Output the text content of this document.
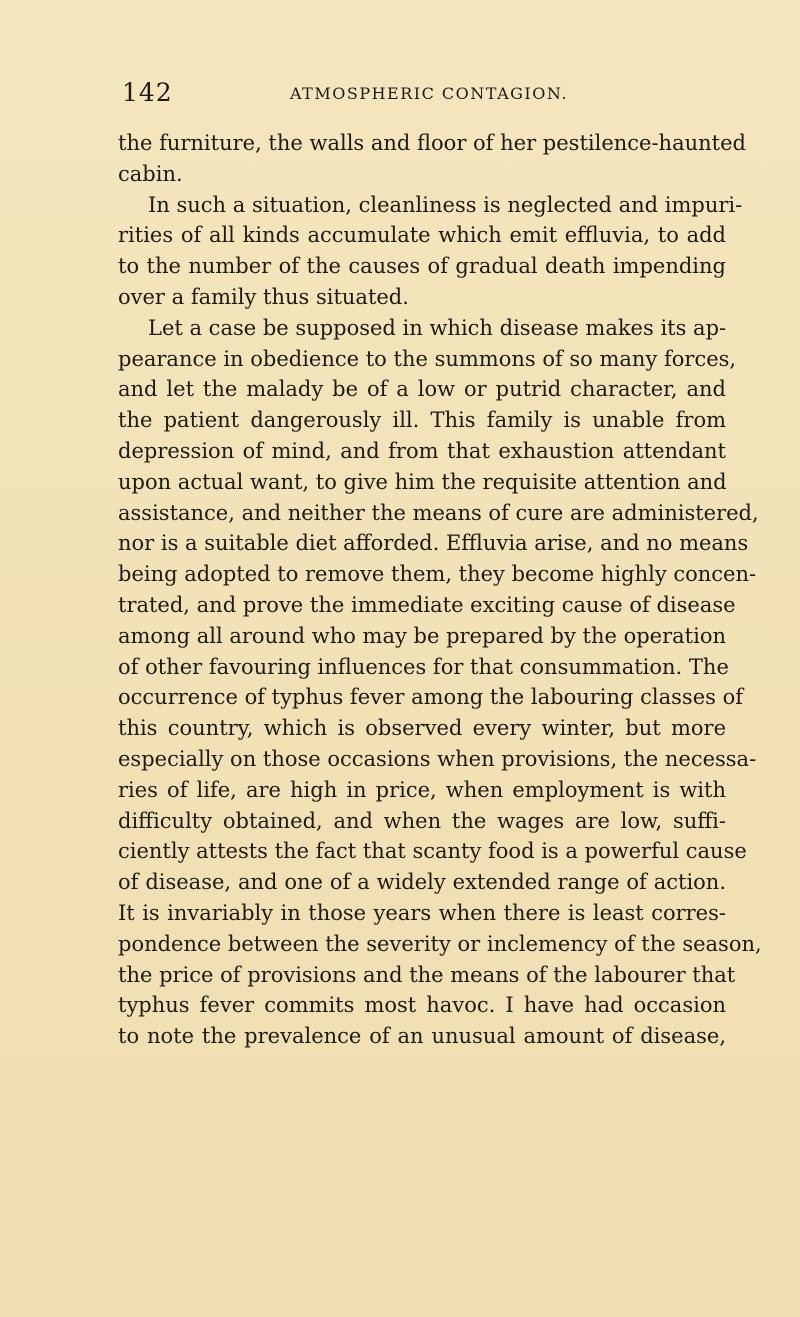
142	ATMOSPHERIC CONTAGION.
the furniture, the walls and floor of her pestilence-haunted
cabin.
In such a situation, cleanliness is neglected and impuri-
rities of all kinds accumulate which emit effluvia, to add
to the number of the causes of gradual death impending
over a family thus situated.
Let a case be supposed in which disease makes its ap-
pearance in obedience to the summons of so many forces,
and let the malady be of a low or putrid character, and
the patient dangerously ill. This family is unable from
depression of mind, and from that exhaustion attendant
upon actual want, to give him the requisite attention and
assistance, and neither the means of cure are administered,
nor is a suitable diet afforded. Effluvia arise, and no means
being adopted to remove them, they become highly concen-
trated, and prove the immediate exciting cause of disease
among all around who may be prepared by the operation
of other favouring influences for that consummation. The
occurrence of typhus fever among the labouring classes of
this country, which is observed every winter, but more
especially on those occasions when provisions, the necessa-
ries of life, are high in price, when employment is with
difficulty obtained, and when the wages are low, suffi-
ciently attests the fact that scanty food is a powerful cause
of disease, and one of a widely extended range of action.
It is invariably in those years when there is least corres-
pondence between the severity or inclemency of the season,
the price of provisions and the means of the labourer that
typhus fever commits most havoc. I have had occasion
to note the prevalence of an unusual amount of disease,
